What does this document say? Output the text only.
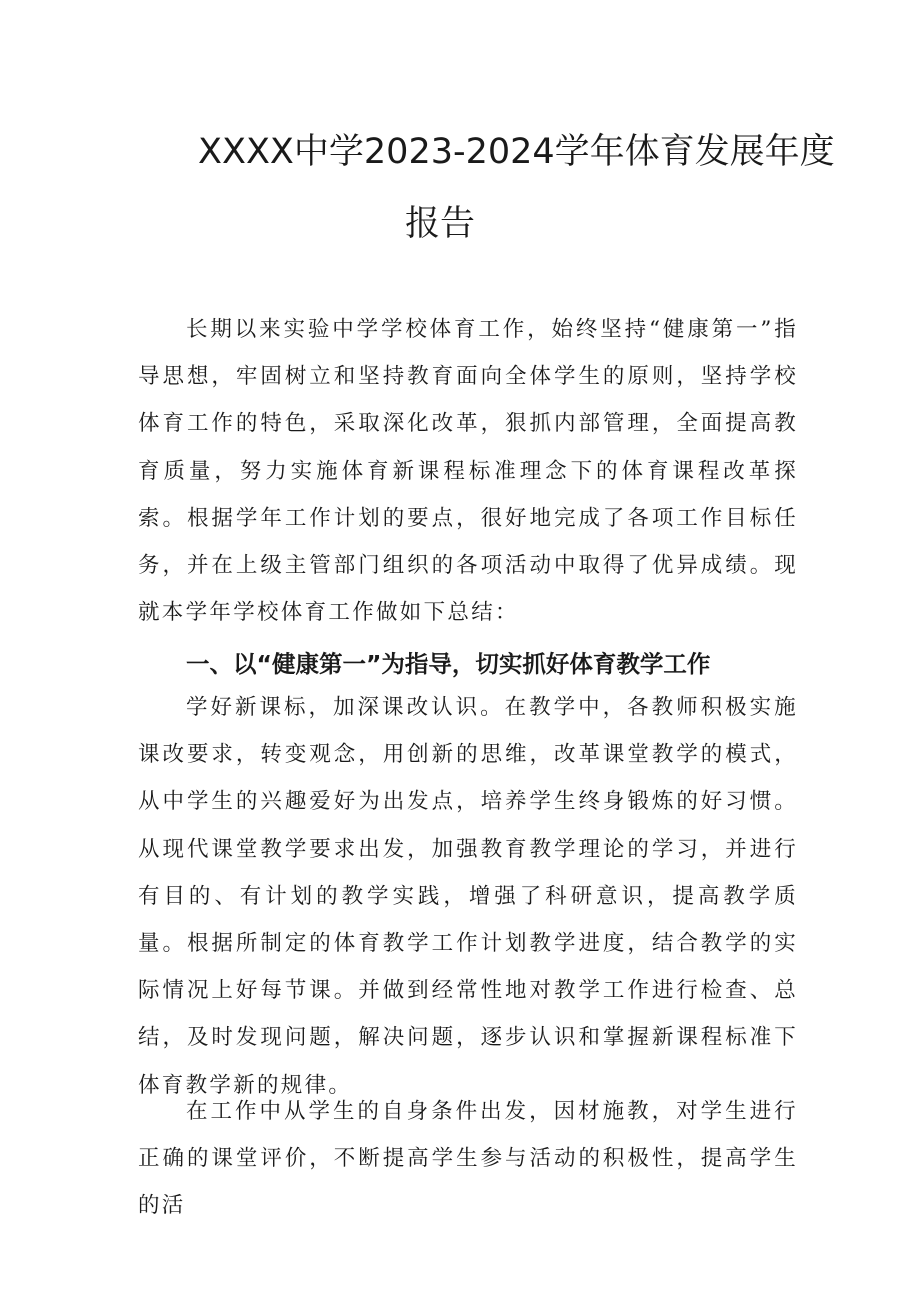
XXXX中学2023-2024学年体育发展年度
报告

长期以来实验中学学校体育工作，始终坚持“健康第一”指导思想，牢固树立和坚持教育面向全体学生的原则，坚持学校体育工作的特色，采取深化改革，狠抓内部管理，全面提高教育质量，努力实施体育新课程标准理念下的体育课程改革探索。根据学年工作计划的要点，很好地完成了各项工作目标任务，并在上级主管部门组织的各项活动中取得了优异成绩。现就本学年学校体育工作做如下总结：

一、以“健康第一”为指导，切实抓好体育教学工作

学好新课标，加深课改认识。在教学中，各教师积极实施课改要求，转变观念，用创新的思维，改革课堂教学的模式，从中学生的兴趣爱好为出发点，培养学生终身锻炼的好习惯。从现代课堂教学要求出发，加强教育教学理论的学习，并进行有目的、有计划的教学实践，增强了科研意识，提高教学质量。根据所制定的体育教学工作计划教学进度，结合教学的实际情况上好每节课。并做到经常性地对教学工作进行检查、总结，及时发现问题，解决问题，逐步认识和掌握新课程标准下体育教学新的规律。

在工作中从学生的自身条件出发，因材施教，对学生进行正确的课堂评价，不断提高学生参与活动的积极性，提高学生的活
